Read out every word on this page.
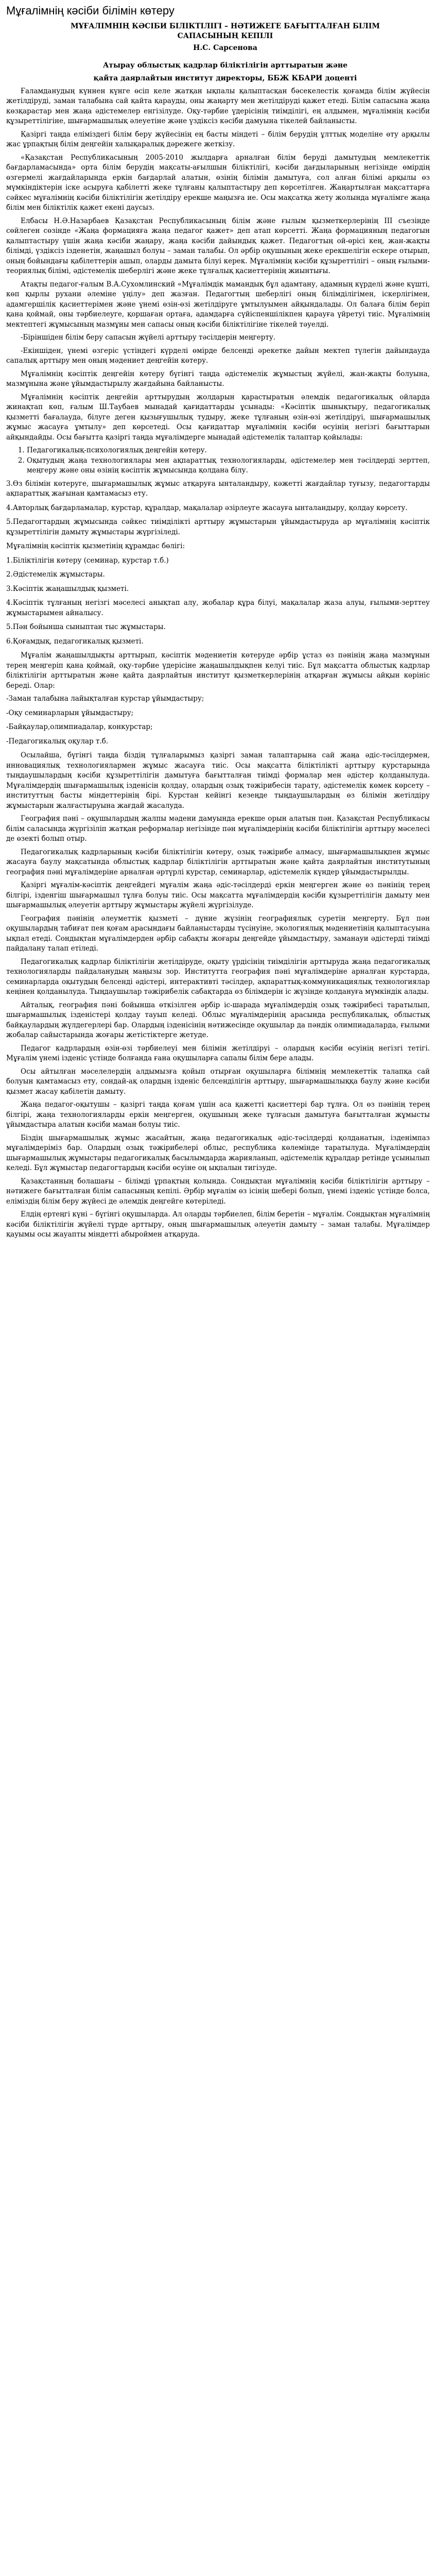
Мұғалімнің кәсіби білімін көтеру

МҰҒАЛІМНІҢ КӘСІБИ БІЛІКТІЛІГІ – НӘТИЖЕГЕ БАҒЫТТАЛҒАН БІЛІМ

САПАСЫНЫҢ КЕПІЛІ

Н.С. Сарсенова

Атырау облыстық кадрлар біліктілігін арттыратын және

қайта даярлайтын институт директоры, ББЖ КБАРИ доценті

Ғаламданудың күннен күнге өсіп келе жатқан ықпалы қалыптасқан бәсекелестік қоғамда білім жүйесін жетілдіруді, заман талабына сай қайта қарауды, оны жаңарту мен жетілдіруді қажет етеді. Білім сапасына жаңа көзқарастар мен жаңа әдістемелер енгізілуде. Оқу-тәрбие үдерісінің тиімділігі, ең алдымен, мұғалімнің кәсіби құзыреттілігіне, шығармашылық әлеуетіне және үздіксіз кәсіби дамуына тікелей байланысты.

Қазіргі таңда еліміздегі білім беру жүйесінің ең басты міндеті – білім берудің ұлттық моделіне өту арқылы жас ұрпақтың білім деңгейін халықаралық дәрежеге жеткізу.

«Қазақстан Республикасының 2005-2010 жылдарға арналған білім беруді дамытудың мемлекеттік бағдарламасында» орта білім берудің мақсаты-ағылшын біліктілігі, кәсіби дағдыларының негізінде өмірдің өзгермелі жағдайларында еркін бағдарлай алатын, өзінің білімін дамытуға, сол алған білімі арқылы өз мүмкіндіктерін іске асыруға қабілетті жеке тұлғаны қалыптастыру деп көрсетілген. Жаңартылған мақсаттарға сәйкес мұғалімнің кәсіби біліктілігін жетілдіру ерекше маңызға ие. Осы мақсатқа жету жолында мұғалімге жаңа білім мен біліктілік қажет екені даусыз.

Елбасы Н.Ә.Назарбаев Қазақстан Республикасының білім және ғылым қызметкерлерінің III съезінде сөйлеген сөзінде «Жаңа формацияға жаңа педагог қажет» деп атап көрсетті. Жаңа формацияның педагогын қалыптастыру үшін жаңа кәсіби жаңару, жаңа кәсіби дайындық қажет. Педагогтың ой-өрісі кең, жан-жақты білімді, үздіксіз ізденетін, жаңашыл болуы – заман талабы. Ол әрбір оқушының жеке ерекшелігін ескере отырып, оның бойындағы қабілеттерін ашып, оларды дамыта білуі керек. Мұғалімнің кәсіби құзыреттілігі – оның ғылыми-теориялық білімі, әдістемелік шеберлігі және жеке тұлғалық қасиеттерінің жиынтығы.

Атақты педагог-ғалым В.А.Сухомлинский «Мұғалімдік мамандық бұл адамтану, адамның күрделі және күшті, көп қырлы рухани әлеміне үңілу» деп жазған. Педагогтың шеберлігі оның білімділігімен, іскерлігімен, адамгершілік қасиеттерімен және үнемі өзін-өзі жетілдіруге ұмтылуымен айқындалады. Ол балаға білім беріп қана қоймай, оны тәрбиелеуге, қоршаған ортаға, адамдарға сүйіспеншілікпен қарауға үйретуі тиіс. Мұғалімнің мектептегі жұмысының мазмұны мен сапасы оның кәсіби біліктілігіне тікелей тәуелді.

-Біріншіден білім беру сапасын жүйелі арттыру тәсілдерін меңгерту.

-Екіншіден, үнемі өзгеріс үстіндегі күрделі өмірде белсенді әрекетке дайын мектеп түлегін дайындауда сапалық арттыру мен оның мәдениет деңгейін көтеру.

Мұғалімнің кәсіптік деңгейін көтеру бүгінгі таңда әдістемелік жұмыстың жүйелі, жан-жақты болуына, мазмұнына және ұйымдастырылу жағдайына байланысты.

Мұғалімнің кәсіптік деңгейін арттырудың жолдарын қарастыратын әлемдік педагогикалық ойларда жинақтап көп, ғалым Ш.Таубаев мынадай қағидаттарды ұсынады: «Кәсіптік шынықтыру, педагогикалық қызметті бағалауда, білуге деген қызығушылық тудыру, жеке тұлғаның өзін-өзі жетілдіруі, шығармашылық жұмыс жасауға ұмтылу» деп көрсетеді. Осы қағидаттар мұғалімнің кәсіби өсуінің негізгі бағыттарын айқындайды. Осы бағытта қазіргі таңда мұғалімдерге мынадай әдістемелік талаптар қойылады:

1. Педагогикалық-психологиялық деңгейін көтеру.
2. Оқытудың жаңа технологиялары мен ақпараттық технологияларды, әдістемелер мен тәсілдерді зерттеп, меңгеру және оны өзінің кәсіптік жұмысында қолдана білу.

3.Өз білімін көтеруге, шығармашылық жұмыс атқаруға ынталандыру, кәжетті жағдайлар туғызу, педагогтарды ақпараттық жағынан қамтамасыз ету.

4.Авторлық бағдарламалар, курстар, құралдар, мақалалар әзірлеуге жасауға ынталандыру, қолдау көрсету.

5.Педагогтардың жұмысында сәйкес тиімділікті арттыру жұмыстарын ұйымдастыруда ар мұғалімнің кәсіптік құзыреттілігін дамыту жұмыстары жүргізіледі.

Мұғалімнің кәсіптік қызметінің құрамдас бөлігі:

1.Біліктілігін көтеру (семинар, курстар т.б.)

2.Әдістемелік жұмыстары.

3.Кәсіптік жаңашылдық қызметі.

4.Кәсіптік тұлғаның негізгі мәселесі анықтап алу, жобалар құра білуі, мақалалар жаза алуы, ғылыми-зерттеу жұмыстарымен айналысу.

5.Пән бойынша сыныптан тыс жұмыстары.

6.Қоғамдық, педагогикалық қызметі.

Мұғалім жаңашылдықты арттырып, кәсіптік мәдениетін көтеруде әрбір ұстаз өз пәнінің жаңа мазмұнын терең меңгеріп қана қоймай, оқу-тәрбие үдерісіне жаңашылдықпен келуі тиіс. Бұл мақсатта облыстық кадрлар біліктілігін арттыратын және қайта даярлайтын институт қызметкерлерінің атқарған жұмысы айқын көрініс береді. Олар:

-Заман талабына лайықталған курстар ұйымдастыру;

-Оқу семинарларын ұйымдастыру;

-Байқаулар,олимпиадалар, конкурстар;

-Педагогикалық оқулар т.б.

Осылайша, бүгінгі таңда біздің тұлғаларымыз қазіргі заман талаптарына сай жаңа әдіс-тәсілдермен, инновациялық технологиялармен жұмыс жасауға тиіс. Осы мақсатта біліктілікті арттыру курстарында тыңдаушылардың кәсіби құзыреттілігін дамытуға бағытталған тиімді формалар мен әдістер қолданылуда. Мұғалімдердің шығармашылық ізденісін қолдау, олардың озық тәжірибесін тарату, әдістемелік көмек көрсету – институттың басты міндеттерінің бірі. Курстан кейінгі кезеңде тыңдаушылардың өз білімін жетілдіру жұмыстарын жалғастыруына жағдай жасалуда.

География пәні – оқушылардың жалпы мәдени дамуында ерекше орын алатын пән. Қазақстан Республикасы білім саласында жүргізіліп жатқан реформалар негізінде пән мұғалімдерінің кәсіби біліктілігін арттыру мәселесі де өзекті болып отыр.

Педагогикалық кадрларының кәсіби біліктілігін көтеру, озық тәжірибе алмасу, шығармашылықпен жұмыс жасауға баулу мақсатында облыстық кадрлар біліктілігін арттыратын және қайта даярлайтын институтының география пәні мұғалімдеріне арналған әртүрлі курстар, семинарлар, әдістемелік күндер ұйымдастырылды.

Қазіргі мұғалім-кәсіптік деңгейдегі мұғалім жаңа әдіс-тәсілдерді еркін меңгерген және өз пәнінің терең білгірі, ізденгіш шығармашыл тұлға болуы тиіс. Осы мақсатта мұғалімдердің кәсіби құзыреттілігін дамыту мен шығармашылық әлеуетін арттыру жұмыстары жүйелі жүргізілуде.

География пәнінің әлеуметтік қызметі – дүние жүзінің географиялық суретін меңгерту. Бұл пән оқушылардың табиғат пен қоғам арасындағы байланыстарды түсінуіне, экологиялық мәдениетінің қалыптасуына ықпал етеді. Сондықтан мұғалімдерден әрбір сабақты жоғары деңгейде ұйымдастыру, заманауи әдістерді тиімді пайдалану талап етіледі.

Педагогикалық кадрлар біліктілігін жетілдіруде, оқыту үрдісінің тиімділігін арттыруда жаңа педагогикалық технологияларды пайдаланудың маңызы зор. Институтта география пәні мұғалімдеріне арналған курстарда, семинарларда оқытудың белсенді әдістері, интерактивті тәсілдер, ақпараттық-коммуникациялық технологиялар кеңінен қолданылуда. Тыңдаушылар тәжірибелік сабақтарда өз білімдерін іс жүзінде қолдануға мүмкіндік алады.

Айталық, география пәні бойынша өткізілген әрбір іс-шарада мұғалімдердің озық тәжірибесі таратылып, шығармашылық ізденістері қолдау тауып келеді. Облыс мұғалімдерінің арасында республикалық, облыстық байқаулардың жүлдегерлері бар. Олардың ізденісінің нәтижесінде оқушылар да пәндік олимпиадаларда, ғылыми жобалар сайыстарында жоғары жетістіктерге жетуде.

Педагог кадрлардың өзін-өзі тәрбиелеуі мен білімін жетілдіруі – олардың кәсіби өсуінің негізгі тетігі. Мұғалім үнемі ізденіс үстінде болғанда ғана оқушыларға сапалы білім бере алады.

Осы айтылған мәселелердің алдымызға қойып отырған оқушыларға білімнің мемлекеттік талапқа сай болуын қамтамасыз ету, сондай-ақ олардың ізденіс белсенділігін арттыру, шығармашылыққа баулу және кәсіби қызмет жасау қабілетін дамыту.

Жаңа педагог-оқытушы – қазіргі таңда қоғам үшін аса қажетті қасиеттері бар тұлға. Ол өз пәнінің терең білгірі, жаңа технологияларды еркін меңгерген, оқушының жеке тұлғасын дамытуға бағытталған жұмысты ұйымдастыра алатын кәсіби маман болуы тиіс.

Біздің шығармашылық жұмыс жасайтын, жаңа педагогикалық әдіс-тәсілдерді қолданатын, ізденімпаз мұғалімдеріміз бар. Олардың озық тәжірибелері облыс, республика көлемінде таратылуда. Мұғалімдердің шығармашылық жұмыстары педагогикалық басылымдарда жарияланып, әдістемелік құралдар ретінде ұсынылып келеді. Бұл жұмыстар педагогтардың кәсіби өсуіне оң ықпалын тигізуде.

Қазақстанның болашағы – білімді ұрпақтың қолында. Сондықтан мұғалімнің кәсіби біліктілігін арттыру – нәтижеге бағытталған білім сапасының кепілі. Әрбір мұғалім өз ісінің шебері болып, үнемі ізденіс үстінде болса, еліміздің білім беру жүйесі де әлемдік деңгейге көтеріледі.

Елдің ертеңгі күні – бүгінгі оқушыларда. Ал оларды тәрбиелеп, білім беретін – мұғалім. Сондықтан мұғалімнің кәсіби біліктілігін жүйелі түрде арттыру, оның шығармашылық әлеуетін дамыту – заман талабы. Мұғалімдер қауымы осы жауапты міндетті абыроймен атқаруда.
